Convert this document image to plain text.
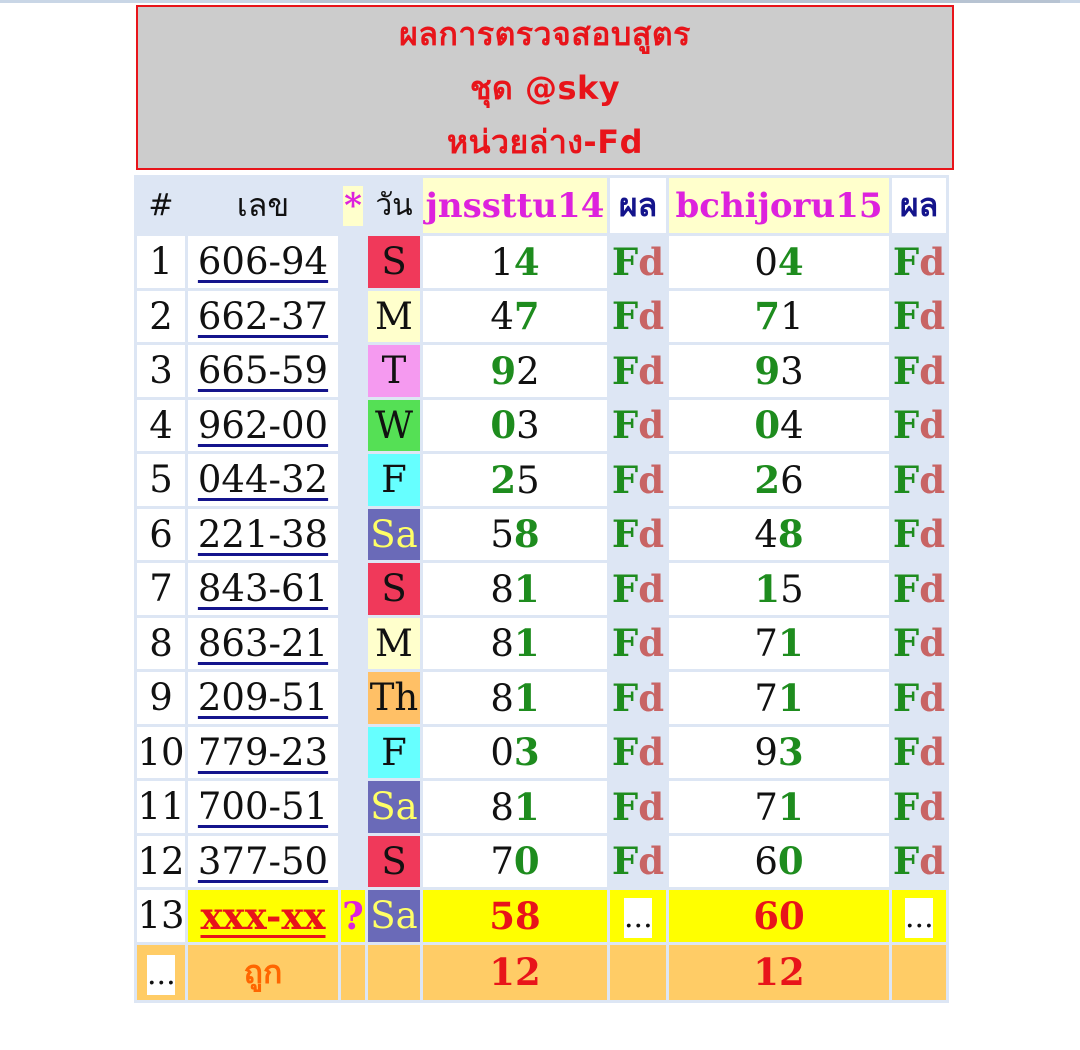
ผลการตรวจสอบสูตร
ชุด @sky
หน่วยล่าง-Fd
#	เลข	*	วัน	jnssttu14	ผล	bchijoru15	ผล
1	606-94		S	14	Fd	04	Fd
2	662-37		M	47	Fd	71	Fd
3	665-59		T	92	Fd	93	Fd
4	962-00		W	03	Fd	04	Fd
5	044-32		F	25	Fd	26	Fd
6	221-38		Sa	58	Fd	48	Fd
7	843-61		S	81	Fd	15	Fd
8	863-21		M	81	Fd	71	Fd
9	209-51		Th	81	Fd	71	Fd
10	779-23		F	03	Fd	93	Fd
11	700-51		Sa	81	Fd	71	Fd
12	377-50		S	70	Fd	60	Fd
13	xxx-xx	?	Sa	58	...	60	...
...	ถูก			12		12	
